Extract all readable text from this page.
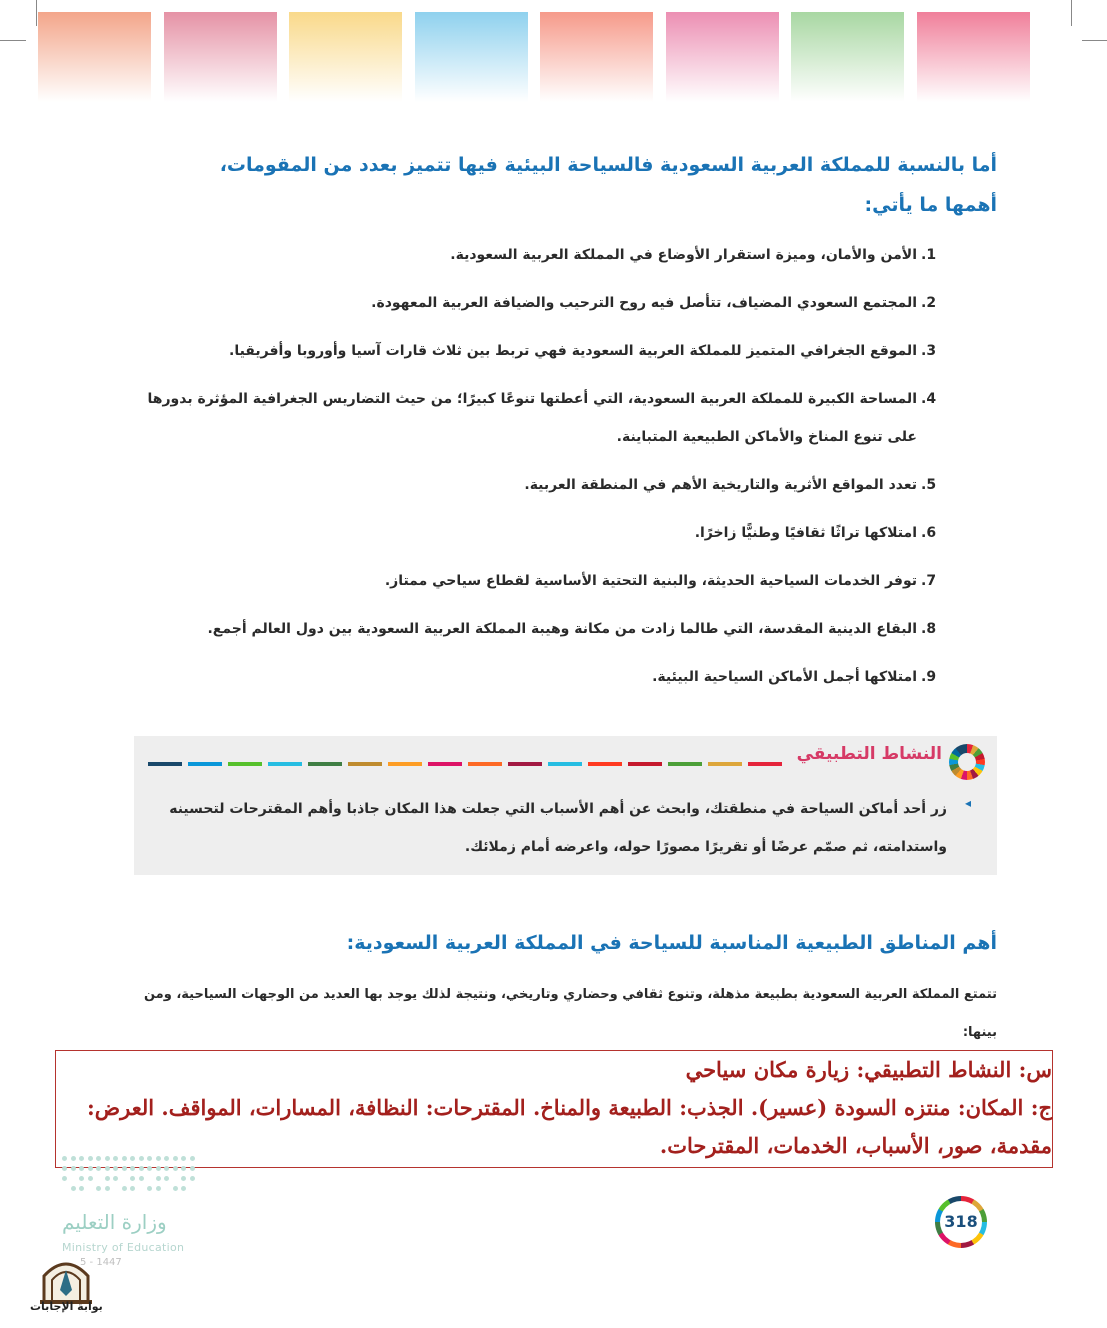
أما بالنسبة للمملكة العربية السعودية فالسياحة البيئية فيها تتميز بعدد من المقومات،
أهمها ما يأتي:
1.
الأمن والأمان، وميزة استقرار الأوضاع في المملكة العربية السعودية.
2.
المجتمع السعودي المضياف، تتأصل فيه روح الترحيب والضيافة العربية المعهودة.
3.
الموقع الجغرافي المتميز للمملكة العربية السعودية فهي تربط بين ثلاث قارات آسيا وأوروبا وأفريقيا.
4.
المساحة الكبيرة للمملكة العربية السعودية، التي أعطتها تنوعًا كبيرًا؛ من حيث التضاريس الجغرافية المؤثرة بدورها على تنوع المناخ والأماكن الطبيعية المتباينة.
5.
تعدد المواقع الأثرية والتاريخية الأهم في المنطقة العربية.
6.
امتلاكها تراثًا ثقافيًا وطنيًّا زاخرًا.
7.
توفر الخدمات السياحية الحديثة، والبنية التحتية الأساسية لقطاع سياحي ممتاز.
8.
البقاع الدينية المقدسة، التي طالما زادت من مكانة وهيبة المملكة العربية السعودية بين دول العالم أجمع.
9.
امتلاكها أجمل الأماكن السياحية البيئية.
النشاط التطبيقي
◂
زر أحد أماكن السياحة في منطقتك، وابحث عن أهم الأسباب التي جعلت هذا المكان جاذبا وأهم المقترحات لتحسينه واستدامته، ثم صمّم عرضًا أو تقريرًا مصورًا حوله، واعرضه أمام زملائك.
أهم المناطق الطبيعية المناسبة للسياحة في المملكة العربية السعودية:
تتمتع المملكة العربية السعودية بطبيعة مذهلة، وتنوع ثقافي وحضاري وتاريخي، ونتيجة لذلك يوجد بها العديد من الوجهات السياحية، ومن بينها:

س: النشاط التطبيقي: زيارة مكان سياحي

ج: المكان: منتزه السودة (عسير). الجذب: الطبيعة والمناخ. المقترحات: النظافة، المسارات، المواقف. العرض:

مقدمة، صور، الأسباب، الخدمات، المقترحات.

318
وزارة التعليم
Ministry of Education
5 - 1447
بوابة الإجابات
